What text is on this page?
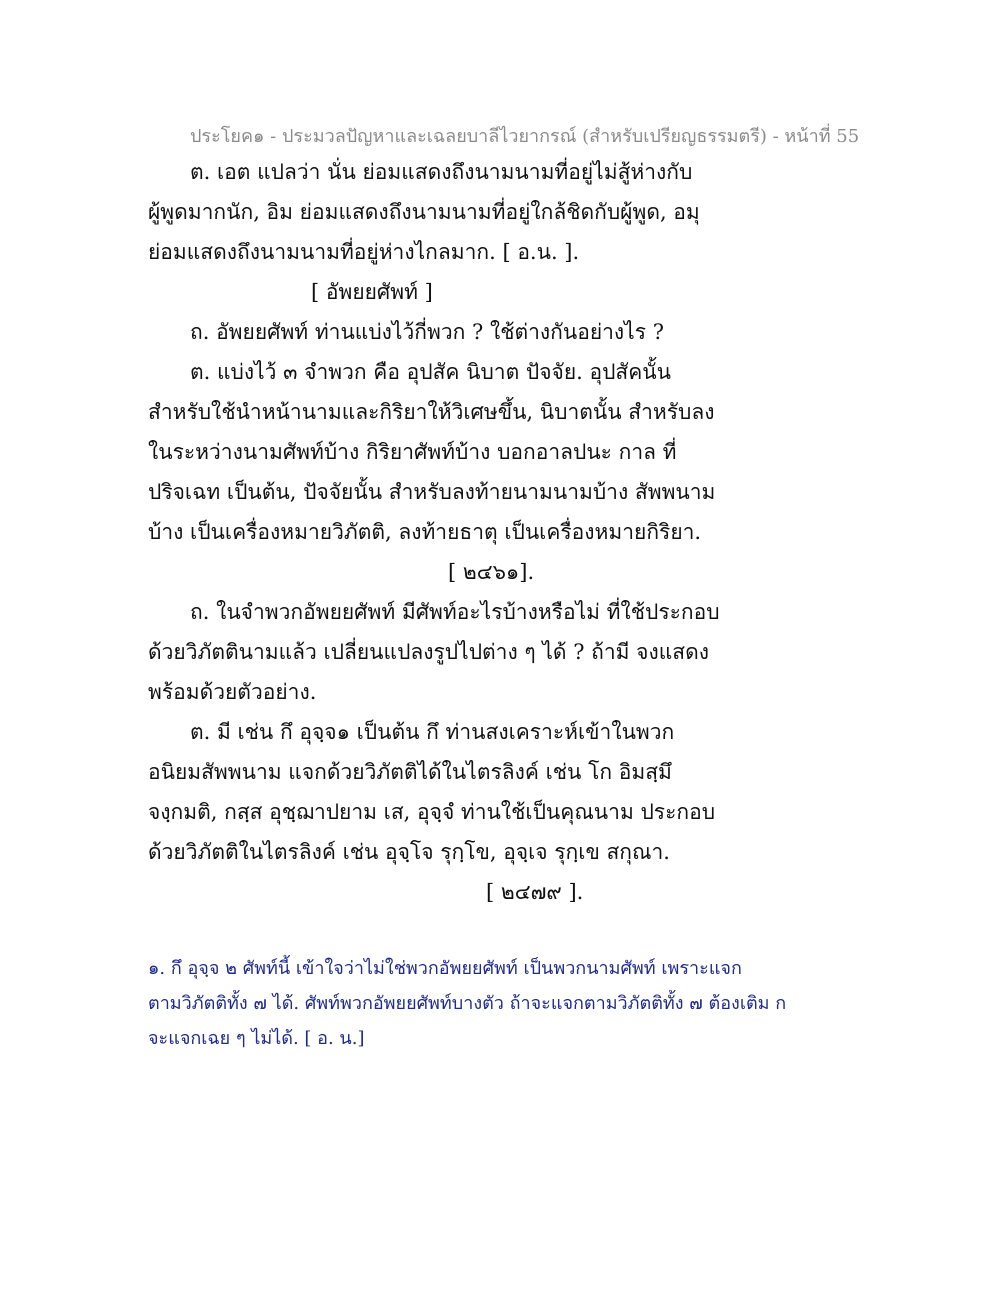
ประโยค๑ - ประมวลปัญหาและเฉลยบาลีไวยากรณ์ (สำหรับเปรียญธรรมตรี) - หน้าที่ 55
ต. เอต แปลว่า นั่น ย่อมแสดงถึงนามนามที่อยู่ไม่สู้ห่างกับ
ผู้พูดมากนัก, อิม ย่อมแสดงถึงนามนามที่อยู่ใกล้ชิดกับผู้พูด, อมุ
ย่อมแสดงถึงนามนามที่อยู่ห่างไกลมาก. [ อ.น. ].
[ อัพยยศัพท์ ]
ถ. อัพยยศัพท์ ท่านแบ่งไว้กี่พวก ? ใช้ต่างกันอย่างไร ?
ต. แบ่งไว้ ๓ จำพวก คือ อุปสัค นิบาต ปัจจัย. อุปสัคนั้น
สำหรับใช้นำหน้านามและกิริยาให้วิเศษขึ้น, นิบาตนั้น สำหรับลง
ในระหว่างนามศัพท์บ้าง กิริยาศัพท์บ้าง บอกอาลปนะ กาล ที่
ปริจเฉท เป็นต้น, ปัจจัยนั้น สำหรับลงท้ายนามนามบ้าง สัพพนาม
บ้าง เป็นเครื่องหมายวิภัตติ, ลงท้ายธาตุ เป็นเครื่องหมายกิริยา.
[ ๒๔๖๑].
ถ. ในจำพวกอัพยยศัพท์ มีศัพท์อะไรบ้างหรือไม่ ที่ใช้ประกอบ
ด้วยวิภัตตินามแล้ว เปลี่ยนแปลงรูปไปต่าง ๆ ได้ ? ถ้ามี จงแสดง
พร้อมด้วยตัวอย่าง.
ต. มี เช่น กึ อุจฺจ๑ เป็นต้น กึ ท่านสงเคราะห์เข้าในพวก
อนิยมสัพพนาม แจกด้วยวิภัตติได้ในไตรลิงค์ เช่น โก อิมสฺมึ
จงฺกมติ, กสฺส อุชฺฌาปยาม เส, อุจฺจํ ท่านใช้เป็นคุณนาม ประกอบ
ด้วยวิภัตติในไตรลิงค์ เช่น อุจฺโจ รุกฺโข, อุจฺเจ รุกฺเข สกุณา.
[ ๒๔๗๙ ].
๑. กึ อุจฺจ ๒ ศัพท์นี้ เข้าใจว่าไม่ใช่พวกอัพยยศัพท์ เป็นพวกนามศัพท์ เพราะแจก
ตามวิภัตติทั้ง ๗ ได้. ศัพท์พวกอัพยยศัพท์บางตัว ถ้าจะแจกตามวิภัตติทั้ง ๗ ต้องเติม ก
จะแจกเฉย ๆ ไม่ได้. [ อ. น.]
